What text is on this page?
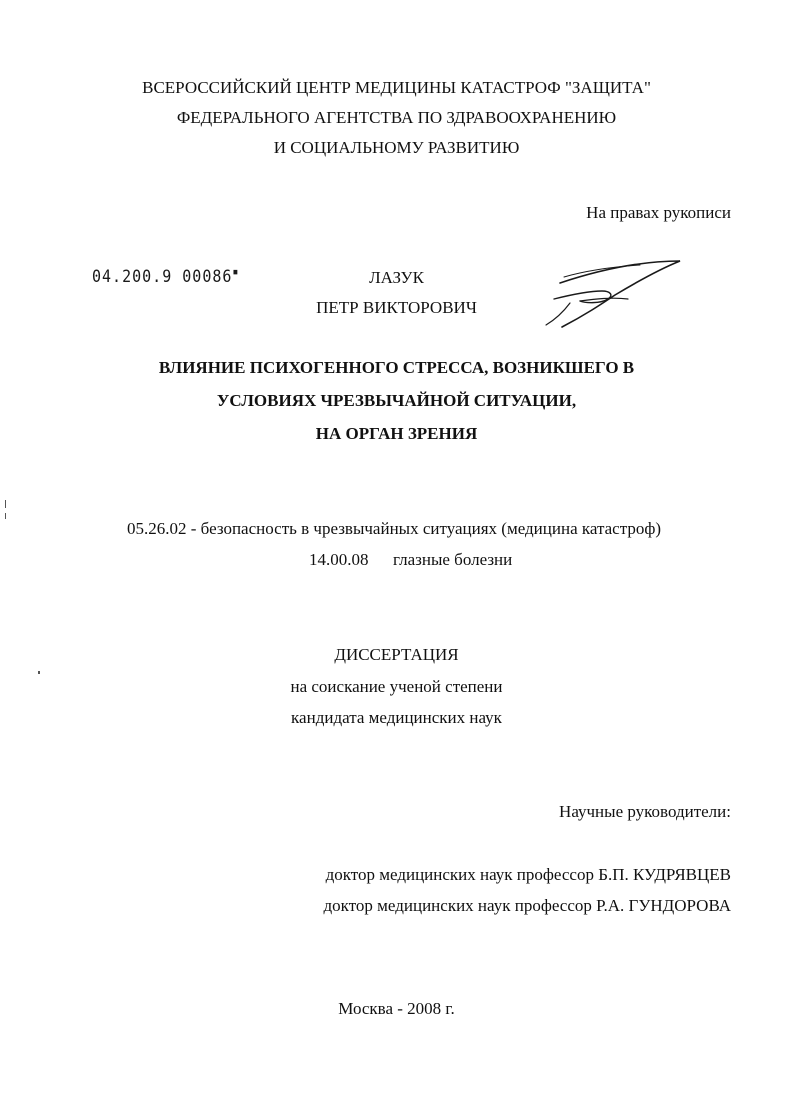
ВСЕРОССИЙСКИЙ ЦЕНТР МЕДИЦИНЫ КАТАСТРОФ "ЗАЩИТА"
ФЕДЕРАЛЬНОГО АГЕНТСТВА ПО ЗДРАВООХРАНЕНИЮ
И СОЦИАЛЬНОМУ РАЗВИТИЮ
На правах рукописи
04.200.9 00086▪	ЛАЗУК
ПЕТР ВИКТОРОВИЧ
ВЛИЯНИЕ ПСИХОГЕННОГО СТРЕССА, ВОЗНИКШЕГО В
УСЛОВИЯХ ЧРЕЗВЫЧАЙНОЙ СИТУАЦИИ,
НА ОРГАН ЗРЕНИЯ
05.26.02 - безопасность в чрезвычайных ситуациях (медицина катастроф)
14.00.08 глазные болезни
ДИССЕРТАЦИЯ
на соискание ученой степени
кандидата медицинских наук
Научные руководители:
доктор медицинских наук профессор Б.П. КУДРЯВЦЕВ
доктор медицинских наук профессор Р.А. ГУНДОРОВА
Москва - 2008 г.
